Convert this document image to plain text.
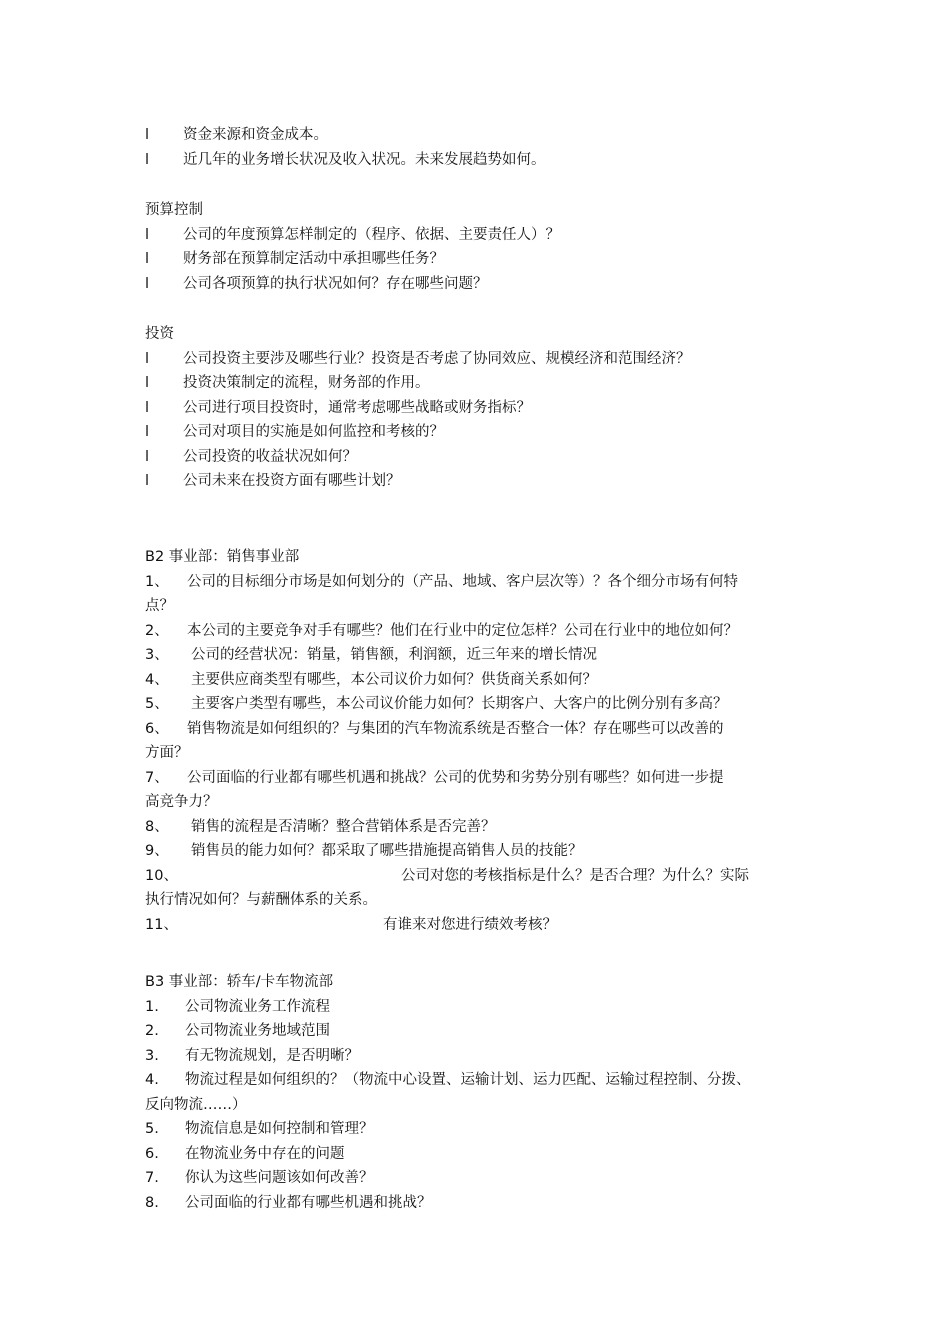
l 资金来源和资金成本。
l 近几年的业务增长状况及收入状况。未来发展趋势如何。
预算控制
l 公司的年度预算怎样制定的（程序、依据、主要责任人）？
l 财务部在预算制定活动中承担哪些任务？
l 公司各项预算的执行状况如何？存在哪些问题？
投资
l 公司投资主要涉及哪些行业？投资是否考虑了协同效应、规模经济和范围经济？
l 投资决策制定的流程，财务部的作用。
l 公司进行项目投资时，通常考虑哪些战略或财务指标？
l 公司对项目的实施是如何监控和考核的？
l 公司投资的收益状况如何？
l 公司未来在投资方面有哪些计划？
B2 事业部：销售事业部
1、 公司的目标细分市场是如何划分的（产品、地域、客户层次等）？各个细分市场有何特
点？
2、 本公司的主要竞争对手有哪些？他们在行业中的定位怎样？公司在行业中的地位如何？
3、 公司的经营状况：销量，销售额，利润额，近三年来的增长情况
4、 主要供应商类型有哪些，本公司议价力如何？供货商关系如何？
5、 主要客户类型有哪些，本公司议价能力如何？长期客户、大客户的比例分别有多高？
6、 销售物流是如何组织的？与集团的汽车物流系统是否整合一体？存在哪些可以改善的
方面？
7、 公司面临的行业都有哪些机遇和挑战？公司的优势和劣势分别有哪些？如何进一步提
高竞争力？
8、 销售的流程是否清晰？整合营销体系是否完善？
9、 销售员的能力如何？都采取了哪些措施提高销售人员的技能？
10、	公司对您的考核指标是什么？是否合理？为什么？实际
执行情况如何？与薪酬体系的关系。
11、	有谁来对您进行绩效考核？
B3 事业部：轿车/卡车物流部
1. 公司物流业务工作流程
2. 公司物流业务地域范围
3. 有无物流规划，是否明晰？
4. 物流过程是如何组织的？（物流中心设置、运输计划、运力匹配、运输过程控制、分拨、
反向物流……）
5. 物流信息是如何控制和管理？
6. 在物流业务中存在的问题
7. 你认为这些问题该如何改善？
8. 公司面临的行业都有哪些机遇和挑战？
